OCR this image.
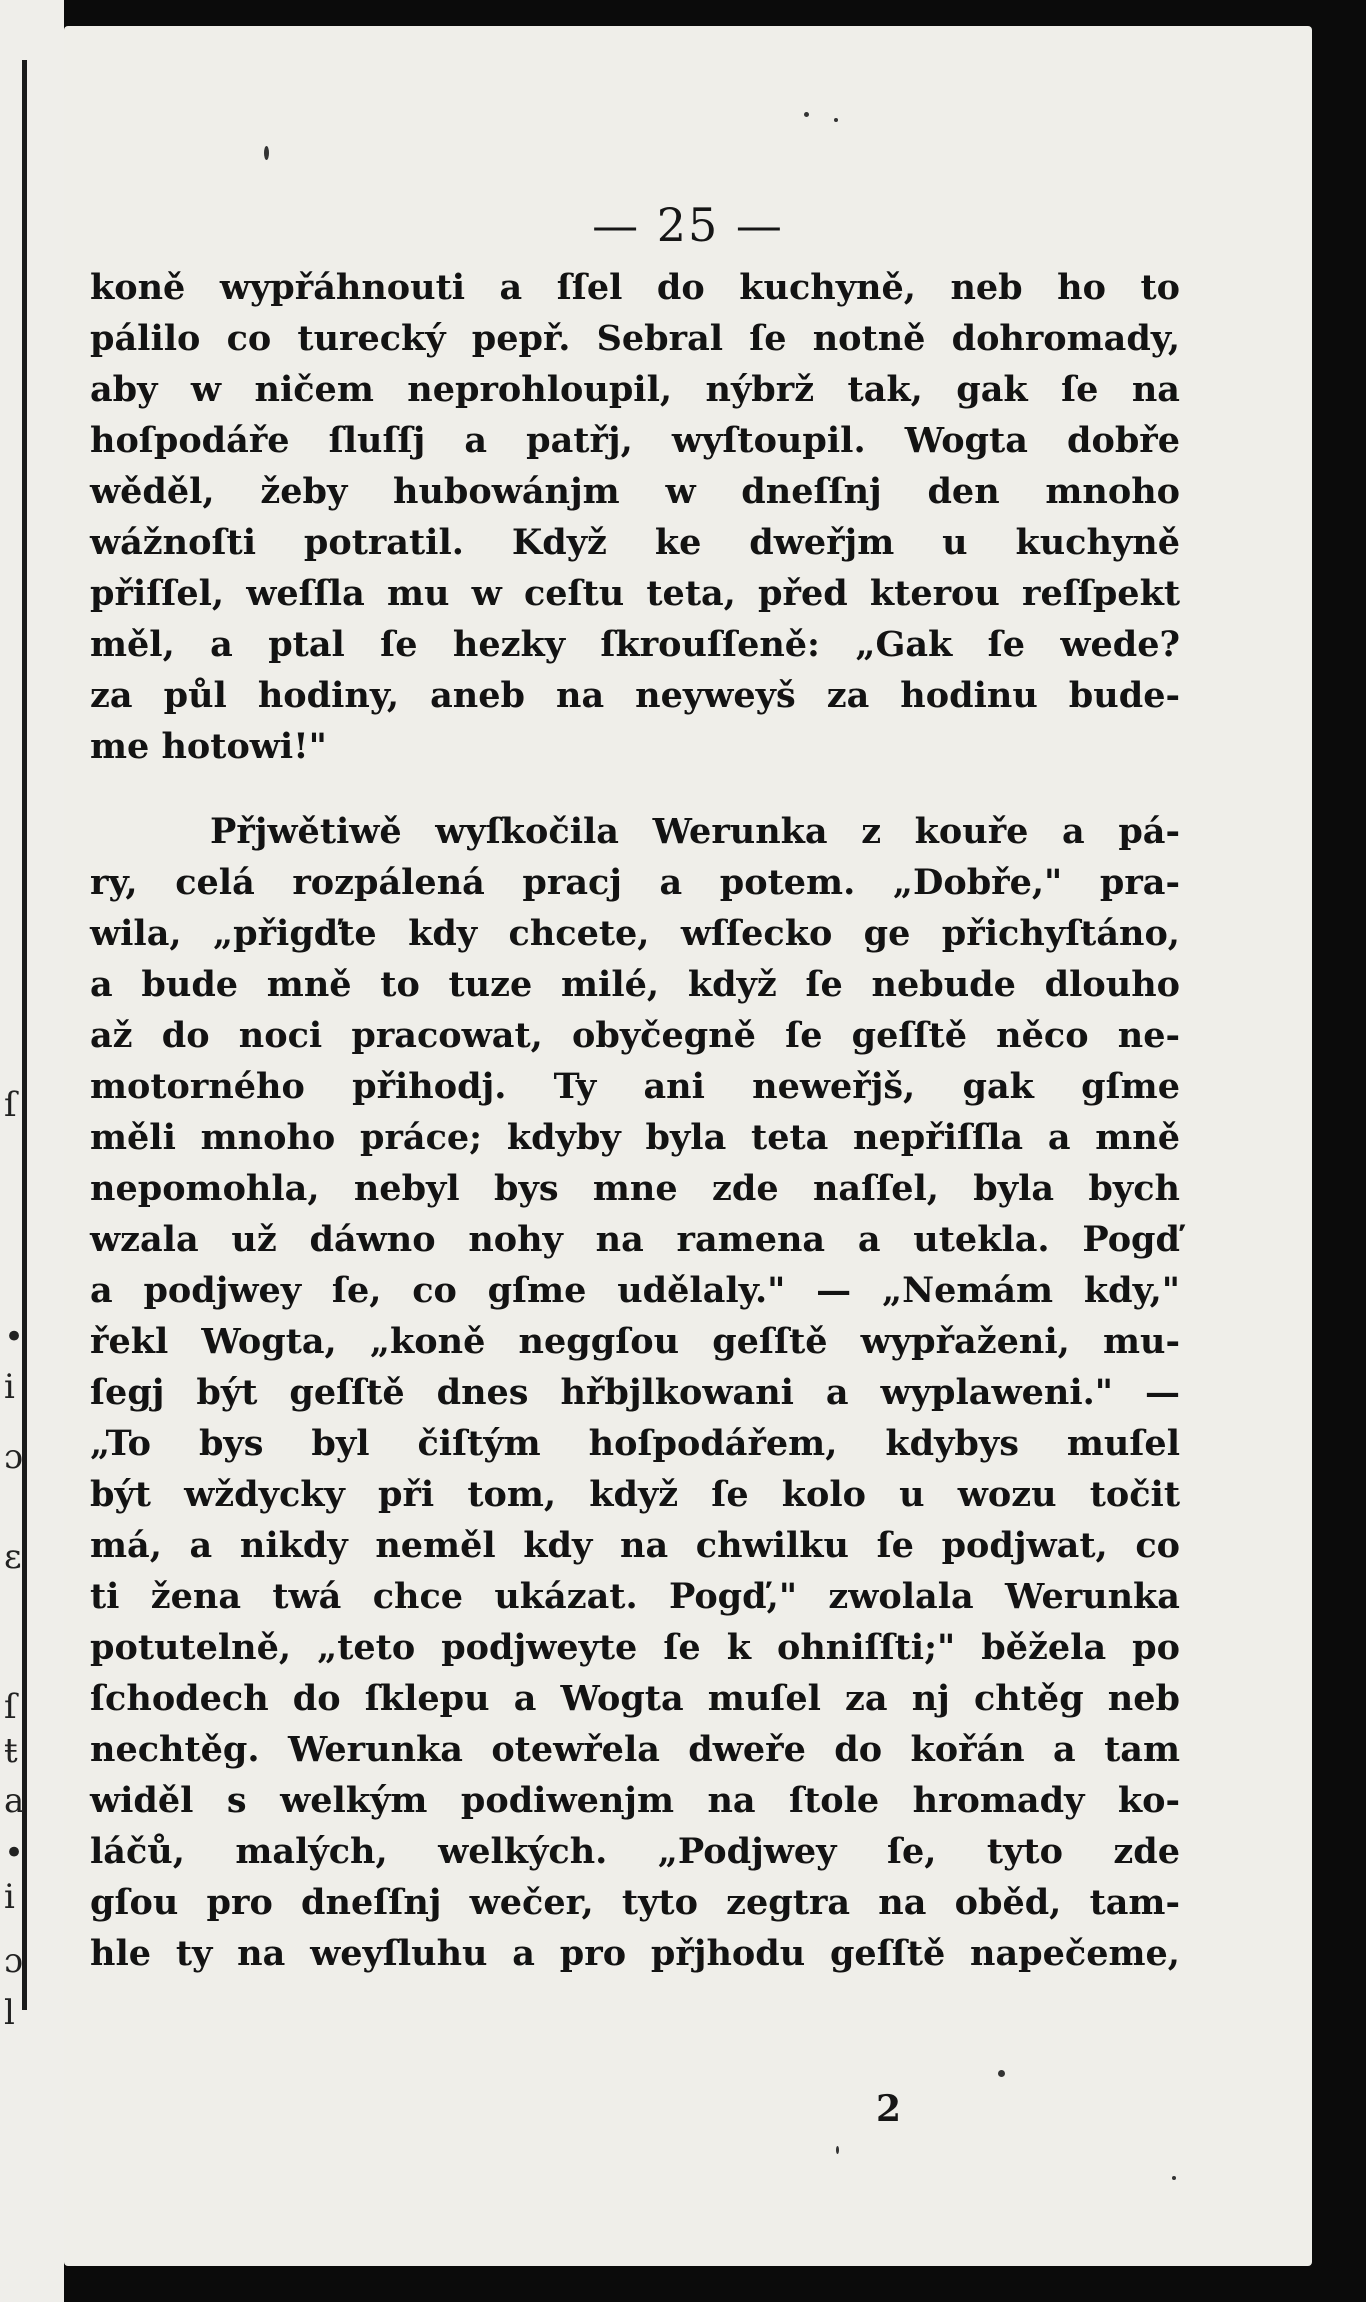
ſ
•
i
ɔ
ɛ
ſ
ŧ
a
•
i
ɔ
l
— 25 —
koně wypřáhnouti a ſſel do kuchyně, neb ho to
pálilo co turecký pepř. Sebral ſe notně dohromady,
aby w ničem neprohloupil, nýbrž tak, gak ſe na
hoſpodáře ſluſſj a patřj, wyſtoupil. Wogta dobře
wěděl, žeby hubowánjm w dneſſnj den mnoho
wážnoſti potratil. Když ke dweřjm u kuchyně
přiſſel, weſſla mu w ceſtu teta, před kterou reſſpekt
měl, a ptal ſe hezky ſkrouſſeně: „Gak ſe wede?
za půl hodiny, aneb na neyweyš za hodinu bude-
me hotowi!"
Přjwětiwě wyſkočila Werunka z kouře a pá-
ry, celá rozpálená pracj a potem. „Dobře," pra-
wila, „přigďte kdy chcete, wſſecko ge přichyſtáno,
a bude mně to tuze milé, když ſe nebude dlouho
až do noci pracowat, obyčegně ſe geſſtě něco ne-
motorného přihodj. Ty ani neweřjš, gak gſme
měli mnoho práce; kdyby byla teta nepřiſſla a mně
nepomohla, nebyl bys mne zde naſſel, byla bych
wzala už dáwno nohy na ramena a utekla. Pogď
a podjwey ſe, co gſme udělaly." — „Nemám kdy,"
řekl Wogta, „koně neggſou geſſtě wypřaženi, mu-
ſegj být geſſtě dnes hřbjlkowani a wyplaweni." —
„To bys byl čiſtým hoſpodářem, kdybys muſel
být wždycky při tom, když ſe kolo u wozu točit
má, a nikdy neměl kdy na chwilku ſe podjwat, co
ti žena twá chce ukázat. Pogď," zwolala Werunka
potutelně, „teto podjweyte ſe k ohniſſti;" běžela po
ſchodech do ſklepu a Wogta muſel za nj chtěg neb
nechtěg. Werunka otewřela dweře do kořán a tam
widěl s welkým podiwenjm na ſtole hromady ko-
láčů, malých, welkých. „Podjwey ſe, tyto zde
gſou pro dneſſnj wečer, tyto zegtra na oběd, tam-
hle ty na weyſluhu a pro přjhodu geſſtě napečeme,
2
